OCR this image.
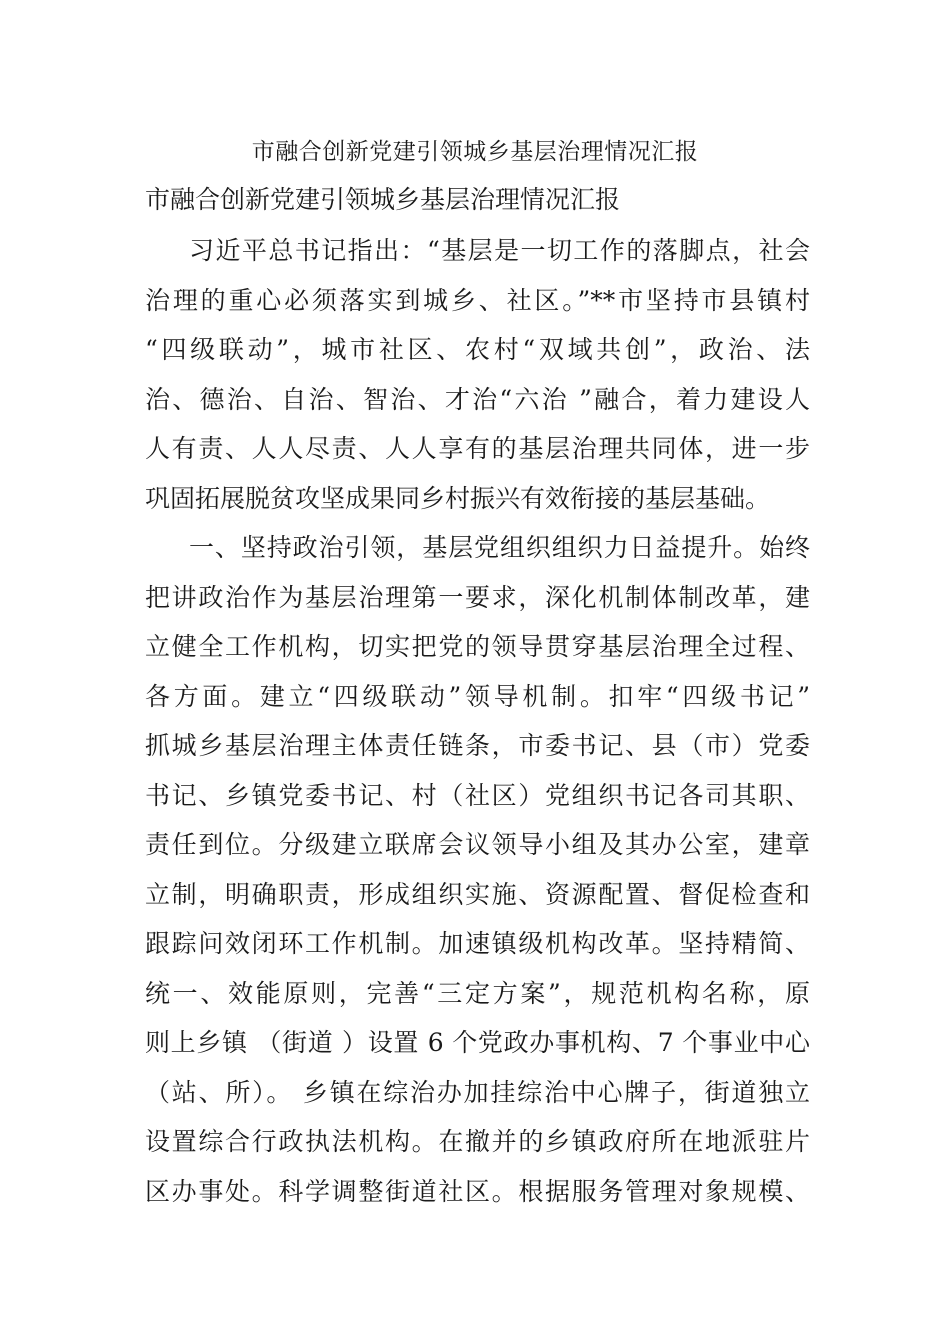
市融合创新党建引领城乡基层治理情况汇报
市融合创新党建引领城乡基层治理情况汇报
习近平总书记指出：“基层是一切工作的落脚点，社会
治理的重心必须落实到城乡、社区。”**市坚持市县镇村
“四级联动”，城市社区、农村“双域共创”，政治、法
治、德治、自治、智治、才治“六治 ”融合，着力建设人
人有责、人人尽责、人人享有的基层治理共同体，进一步
巩固拓展脱贫攻坚成果同乡村振兴有效衔接的基层基础。
一、坚持政治引领，基层党组织组织力日益提升。始终
把讲政治作为基层治理第一要求，深化机制体制改革，建
立健全工作机构，切实把党的领导贯穿基层治理全过程、
各方面。建立“四级联动”领导机制。扣牢“四级书记”
抓城乡基层治理主体责任链条，市委书记、县（市）党委
书记、乡镇党委书记、村（社区）党组织书记各司其职、
责任到位。分级建立联席会议领导小组及其办公室，建章
立制，明确职责，形成组织实施、资源配置、督促检查和
跟踪问效闭环工作机制。加速镇级机构改革。坚持精简、
统一、效能原则，完善“三定方案”，规范机构名称，原
则上乡镇 （街道 ）设置 6 个党政办事机构、7 个事业中心
（站、所）。 乡镇在综治办加挂综治中心牌子，街道独立
设置综合行政执法机构。在撤并的乡镇政府所在地派驻片
区办事处。科学调整街道社区。根据服务管理对象规模、
